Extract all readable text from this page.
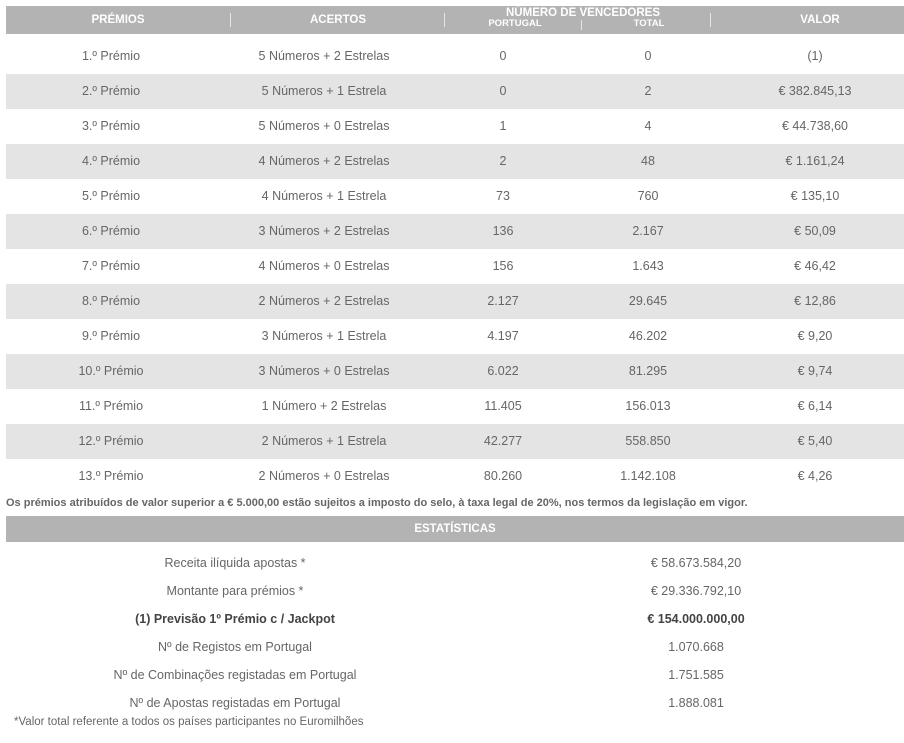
PRÉMIOS	ACERTOS
NÚMERO DE VENCEDORES
PORTUGAL	TOTAL	VALOR
1.º Prémio	5 Números + 2 Estrelas	0	0	(1)
2.º Prémio	5 Números + 1 Estrela	0	2	€ 382.845,13
3.º Prémio	5 Números + 0 Estrelas	1	4	€ 44.738,60
4.º Prémio	4 Números + 2 Estrelas	2	48	€ 1.161,24
5.º Prémio	4 Números + 1 Estrela	73	760	€ 135,10
6.º Prémio	3 Números + 2 Estrelas	136	2.167	€ 50,09
7.º Prémio	4 Números + 0 Estrelas	156	1.643	€ 46,42
8.º Prémio	2 Números + 2 Estrelas	2.127	29.645	€ 12,86
9.º Prémio	3 Números + 1 Estrela	4.197	46.202	€ 9,20
10.º Prémio	3 Números + 0 Estrelas	6.022	81.295	€ 9,74
11.º Prémio	1 Número + 2 Estrelas	11.405	156.013	€ 6,14
12.º Prémio	2 Números + 1 Estrela	42.277	558.850	€ 5,40
13.º Prémio	2 Números + 0 Estrelas	80.260	1.142.108	€ 4,26
Os prémios atribuídos de valor superior a € 5.000,00 estão sujeitos a imposto do selo, à taxa legal de 20%, nos termos da legislação em vigor.
ESTATÍSTICAS
Receita ilíquida apostas *	€ 58.673.584,20
Montante para prémios *	€ 29.336.792,10
(1) Previsão 1º Prémio c / Jackpot	€ 154.000.000,00
Nº de Registos em Portugal	1.070.668
Nº de Combinações registadas em Portugal	1.751.585
Nº de Apostas registadas em Portugal	1.888.081
*Valor total referente a todos os países participantes no Euromilhões
